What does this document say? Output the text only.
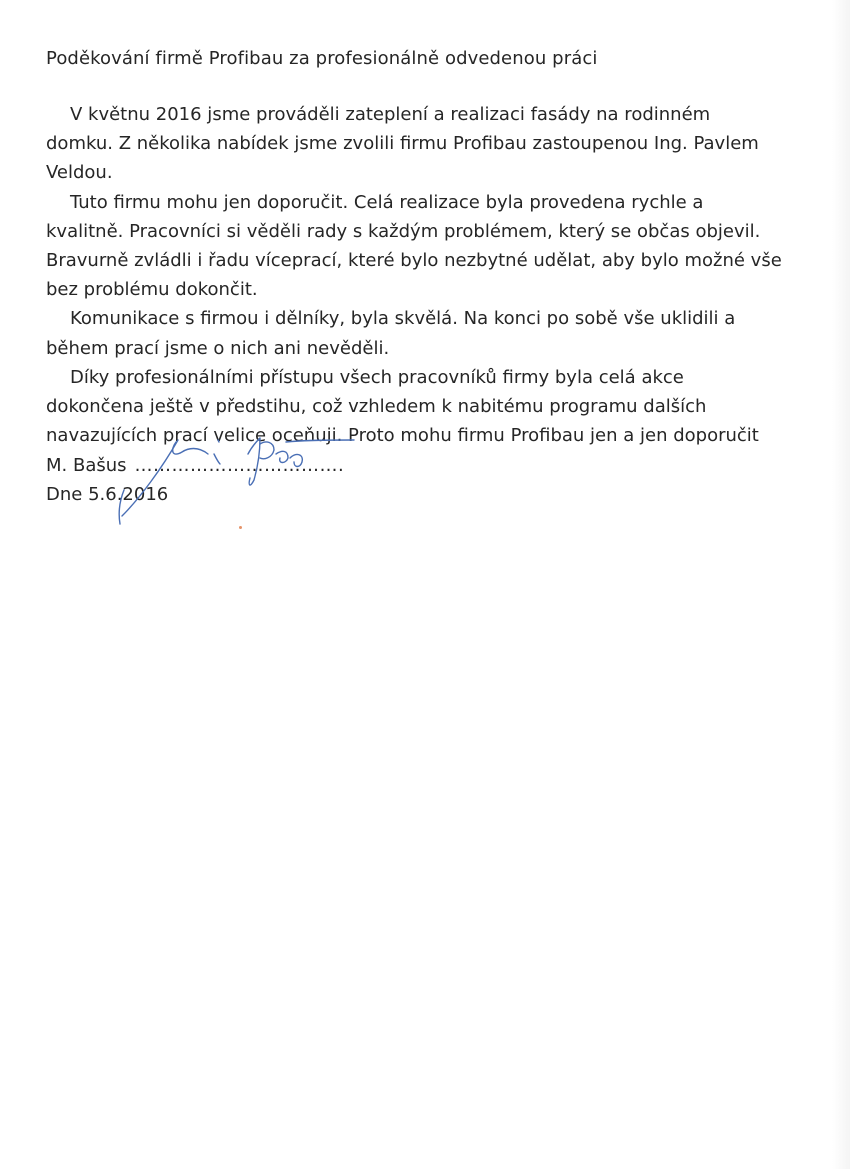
Poděkování firmě Profibau za profesionálně odvedenou práci

V květnu 2016 jsme prováděli zateplení a realizaci fasády na rodinném
domku. Z několika nabídek jsme zvolili firmu Profibau zastoupenou Ing. Pavlem
Veldou.

Tuto firmu mohu jen doporučit. Celá realizace byla provedena rychle a
kvalitně. Pracovníci si věděli rady s každým problémem, který se občas objevil.
Bravurně zvládli i řadu víceprací, které bylo nezbytné udělat, aby bylo možné vše
bez problému dokončit.

Komunikace s firmou i dělníky, byla skvělá. Na konci po sobě vše uklidili a
během prací jsme o nich ani nevěděli.

Díky profesionálními přístupu všech pracovníků firmy byla celá akce
dokončena ještě v předstihu, což vzhledem k nabitému programu dalších
navazujících prací velice oceňuji. Proto mohu firmu Profibau jen a jen doporučit

M. Bašus …………………………….
Dne 5.6.2016
